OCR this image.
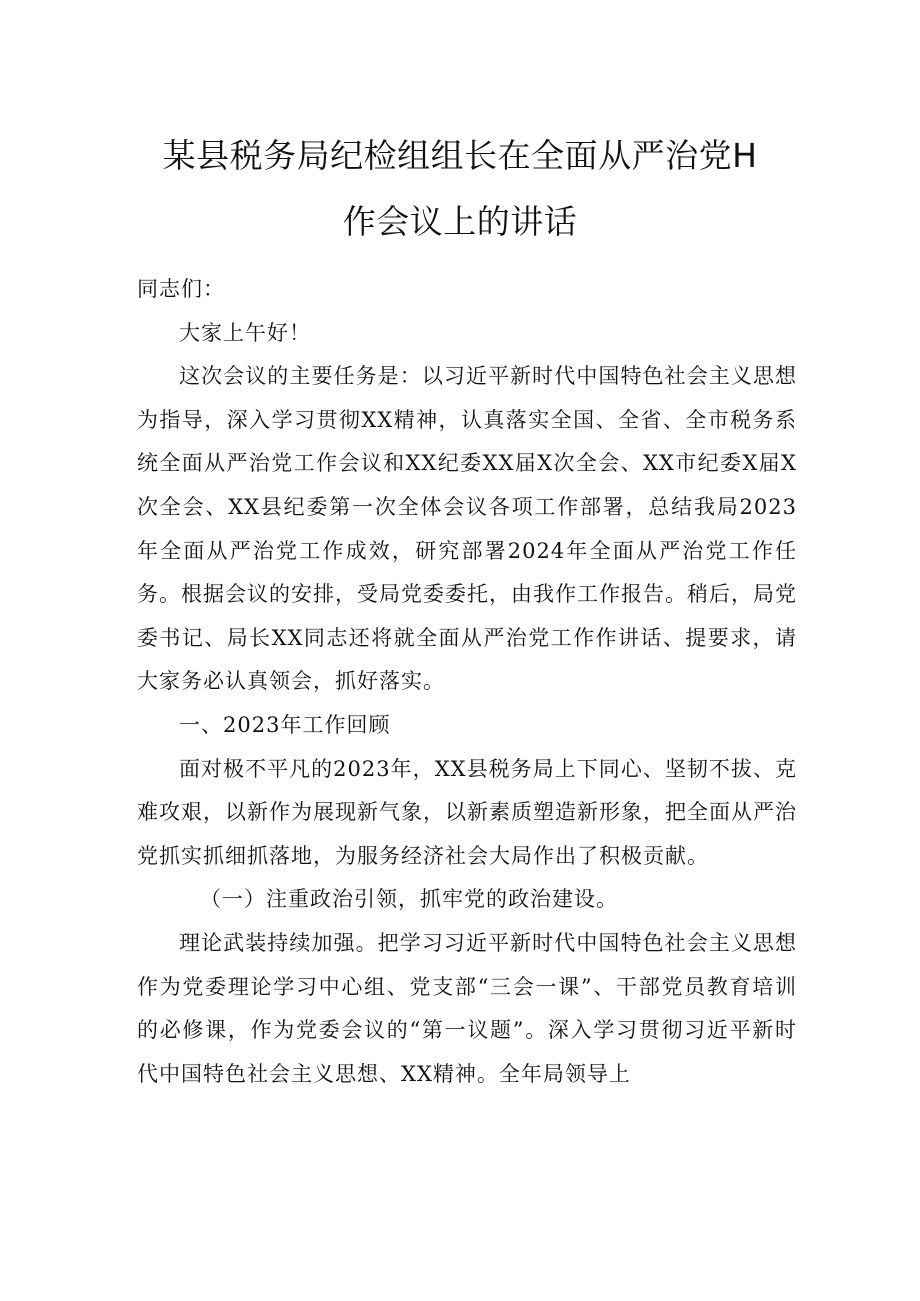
某县税务局纪检组组长在全面从严治党H
作会议上的讲话

同志们：

大家上午好！

这次会议的主要任务是：以习近平新时代中国特色社会主义思想为指导，深入学习贯彻XX精神，认真落实全国、全省、全市税务系统全面从严治党工作会议和XX纪委XX届X次全会、XX市纪委X届X次全会、XX县纪委第一次全体会议各项工作部署，总结我局2023年全面从严治党工作成效，研究部署2024年全面从严治党工作任务。根据会议的安排，受局党委委托，由我作工作报告。稍后，局党委书记、局长XX同志还将就全面从严治党工作作讲话、提要求，请大家务必认真领会，抓好落实。

一、2023年工作回顾

面对极不平凡的2023年，XX县税务局上下同心、坚韧不拔、克难攻艰，以新作为展现新气象，以新素质塑造新形象，把全面从严治党抓实抓细抓落地，为服务经济社会大局作出了积极贡献。

（一）注重政治引领，抓牢党的政治建设。

理论武装持续加强。把学习习近平新时代中国特色社会主义思想作为党委理论学习中心组、党支部“三会一课”、干部党员教育培训的必修课，作为党委会议的“第一议题”。深入学习贯彻习近平新时代中国特色社会主义思想、XX精神。全年局领导上
